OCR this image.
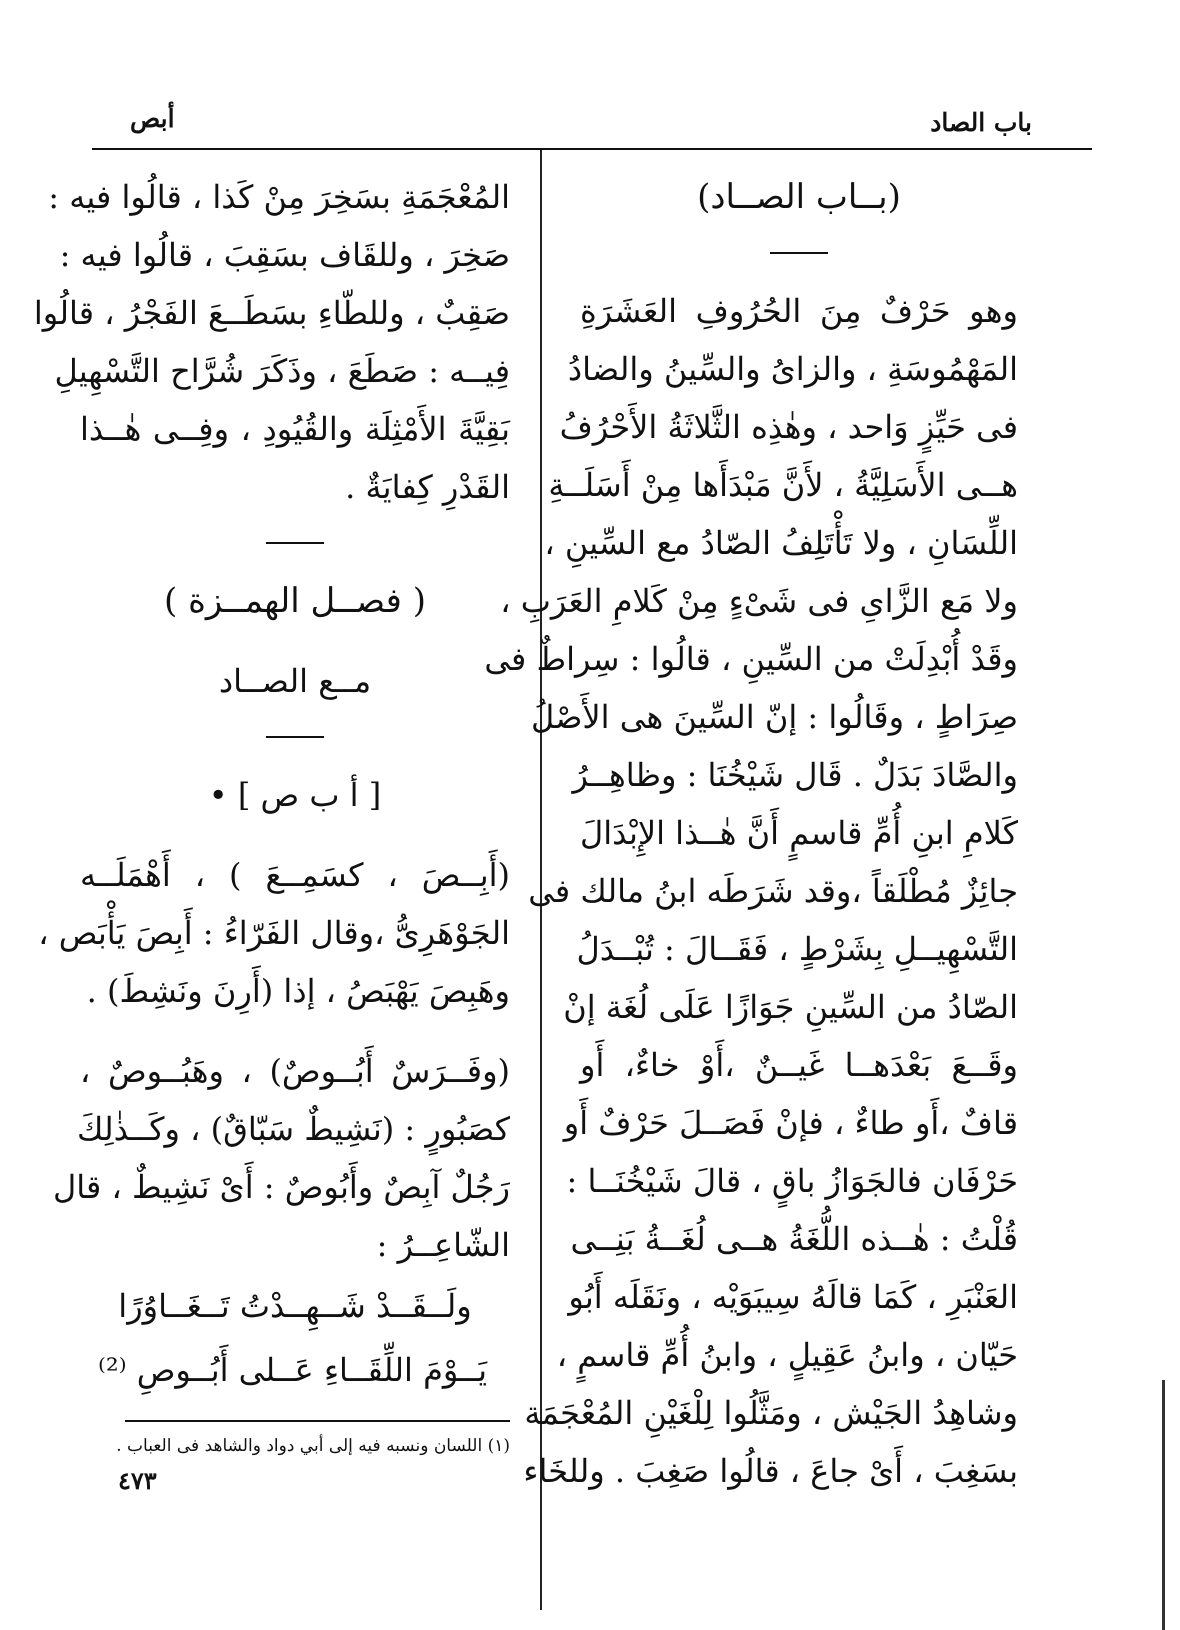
باب الصاد
أبص
(بــاب الصــاد)
وهو حَرْفٌ مِنَ الحُرُوفِ العَشَرَةِ
المَهْمُوسَةِ ، والزاىُ والسِّينُ والضادُ
فى حَيِّزٍ وَاحد ، وهٰذِه الثَّلاثَةُ الأَحْرُفُ
هــى الأَسَلِيَّةُ ، لأَنَّ مَبْدَأَها مِنْ أَسَلَــةِ
اللِّسَانِ ، ولا تَأْتَلِفُ الصّادُ مع السِّينِ ،
ولا مَع الزَّاىِ فى شَىْءٍ مِنْ كَلامِ العَرَبِ ،
وقَدْ أُبْدِلَتْ من السِّينِ ، قالُوا : سِراطٌ فى
صِرَاطٍ ، وقَالُوا : إنّ السِّينَ هى الأَصْلُ
والصَّادَ بَدَلٌ . قَال شَيْخُنَا : وظاهِــرُ
كَلامِ ابنِ أُمِّ قاسمٍ أَنَّ هٰــذا الإِبْدَالَ
جائِزٌ مُطْلَقاً ،وقد شَرَطَه ابنُ مالك فى
التَّسْهِيــلِ بِشَرْطٍ ، فَقَــالَ : تُبْــدَلُ
الصّادُ من السِّينِ جَوَازًا عَلَى لُغَة إنْ
وقَــعَ بَعْدَهــا غَيــنٌ ،أَوْ خاءٌ، أَو
قافٌ ،أَو طاءٌ ، فإنْ فَصَــلَ حَرْفٌ أَو
حَرْفَان فالجَوَازُ باقٍ ، قالَ شَيْخُنَــا :
قُلْتُ : هٰــذه اللُّغَةُ هــى لُغَــةُ بَنِــى
العَنْبَرِ ، كَمَا قالَهُ سِيبَوَيْه ، ونَقَلَه أَبُو
حَيّان ، وابنُ عَقِيلٍ ، وابنُ أُمِّ قاسمٍ ،
وشاهِدُ الجَيْش ، ومَثَّلُوا لِلْغَيْنِ المُعْجَمَة
بسَغِبَ ، أَىْ جاعَ ، قالُوا صَغِبَ . وللخَاء
المُعْجَمَةِ بسَخِرَ مِنْ كَذا ، قالُوا فيه :
صَخِرَ ، وللقَاف بسَقِبَ ، قالُوا فيه :
صَقِبٌ ، وللطّاءِ بسَطَــعَ الفَجْرُ ، قالُوا
فِيــه : صَطَعَ ، وذَكَرَ شُرَّاح التَّسْهِيلِ
بَقِيَّةَ الأَمْثِلَة والقُيُودِ ، وفِــى هٰــذا
القَدْرِ كِفايَةٌ .
( فصــل الهمــزة )
مــع الصــاد
[ أ ب ص ] •
(أَبِــصَ ، كسَمِــعَ ) ، أَهْمَلَــه
الجَوْهَرِىُّ ،وقال الفَرّاءُ : أَبِصَ يَأْبَص ،
وهَبِصَ يَهْبَصُ ، إذا (أَرِنَ ونَشِطَ) .
(وفَــرَسٌ أَبُــوصٌ) ، وهَبُــوصٌ ،
كصَبُورٍ : (نَشِيطٌ سَبّاقٌ) ، وكَــذٰلِكَ
رَجُلٌ آبِصٌ وأَبُوصٌ : أَىْ نَشِيطٌ ، قال
الشّاعِــرُ :
ولَــقَــدْ شَــهِــدْتُ تَــغَــاوُرًا
يَــوْمَ اللِّقَــاءِ عَــلى أَبُــوصِ ⁽²⁾
(١) اللسان ونسبه فيه إلى أبي دواد والشاهد فى العباب .
٤٧٣
